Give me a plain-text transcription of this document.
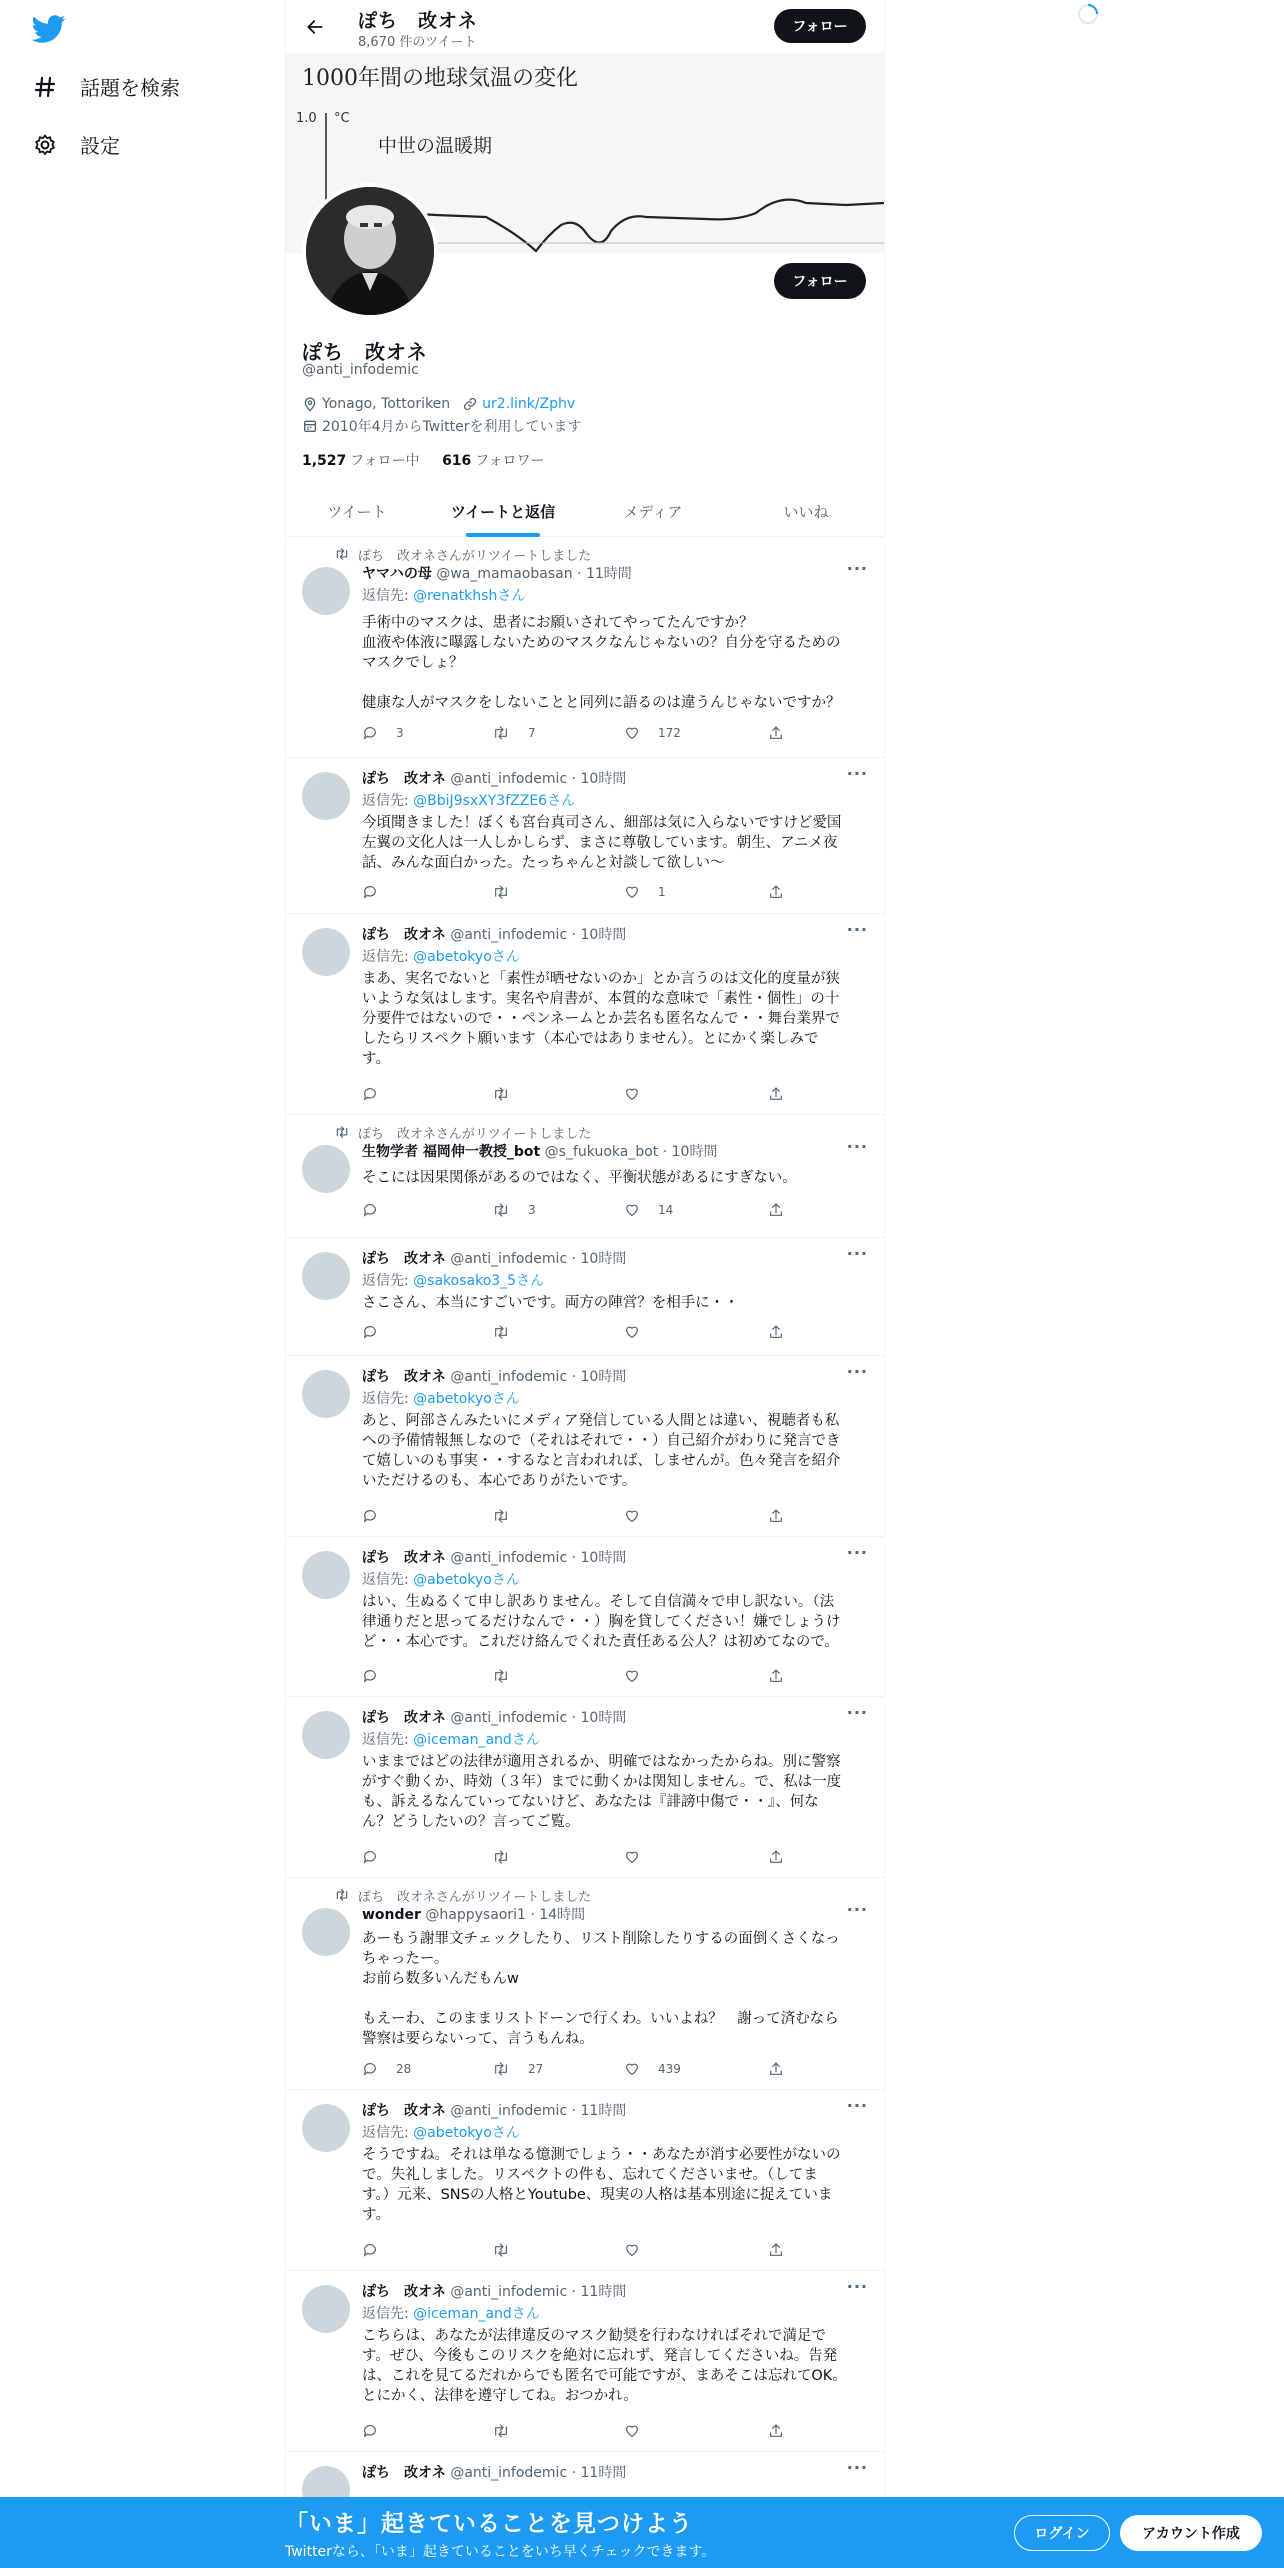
話題を検索
設定
ぽち　改オネ
8,670 件のツイート
フォロー
1000年間の地球気温の変化
1.0 °C
中世の温暖期
フォロー
ぽち　改オネ
@anti_infodemic
Yonago, Tottoriken ur2.link/Zphv
2010年4月からTwitterを利用しています
1,527 フォロー中 616 フォロワー
ツイート	ツイートと返信	メディア	いいね
ぽち　改オネさんがリツイートしました
ヤマハの母 @wa_mamaobasan · 11時間	···
返信先: @renatkhshさん
手術中のマスクは、患者にお願いされてやってたんですか？
血液や体液に曝露しないためのマスクなんじゃないの？自分を守るための
マスクでしょ？

健康な人がマスクをしないことと同列に語るのは違うんじゃないですか？
3	7	172
ぽち　改オネ @anti_infodemic · 10時間	···
返信先: @BbiJ9sxXY3fZZE6さん
今頃聞きました！ぼくも宮台真司さん、細部は気に入らないですけど愛国
左翼の文化人は一人しかしらず、まさに尊敬しています。朝生、アニメ夜
話、みんな面白かった。たっちゃんと対談して欲しい～
1
ぽち　改オネ @anti_infodemic · 10時間	···
返信先: @abetokyoさん
まあ、実名でないと「素性が晒せないのか」とか言うのは文化的度量が狭
いような気はします。実名や肩書が、本質的な意味で「素性・個性」の十
分要件ではないので・・ペンネームとか芸名も匿名なんで・・舞台業界で
したらリスペクト願います（本心ではありません）。とにかく楽しみで
す。
ぽち　改オネさんがリツイートしました
生物学者 福岡伸一教授_bot @s_fukuoka_bot · 10時間	···
そこには因果関係があるのではなく、平衡状態があるにすぎない。
3	14
ぽち　改オネ @anti_infodemic · 10時間	···
返信先: @sakosako3_5さん
さこさん、本当にすごいです。両方の陣営？を相手に・・
ぽち　改オネ @anti_infodemic · 10時間	···
返信先: @abetokyoさん
あと、阿部さんみたいにメディア発信している人間とは違い、視聴者も私
への予備情報無しなので（それはそれで・・）自己紹介がわりに発言でき
て嬉しいのも事実・・するなと言われれば、しませんが。色々発言を紹介
いただけるのも、本心でありがたいです。
ぽち　改オネ @anti_infodemic · 10時間	···
返信先: @abetokyoさん
はい、生ぬるくて申し訳ありません。そして自信満々で申し訳ない。（法
律通りだと思ってるだけなんで・・）胸を貸してください！嫌でしょうけ
ど・・本心です。これだけ絡んでくれた責任ある公人？は初めてなので。
ぽち　改オネ @anti_infodemic · 10時間	···
返信先: @iceman_andさん
いままではどの法律が適用されるか、明確ではなかったからね。別に警察
がすぐ動くか、時効（３年）までに動くかは関知しません。で、私は一度
も、訴えるなんていってないけど、あなたは『誹謗中傷で・・』、何な
ん？どうしたいの？言ってご覧。
ぽち　改オネさんがリツイートしました
wonder @happysaori1 · 14時間	···
あーもう謝罪文チェックしたり、リスト削除したりするの面倒くさくなっ
ちゃったー。
お前ら数多いんだもんw

もえーわ、このままリストドーンで行くわ。いいよね？　謝って済むなら
警察は要らないって、言うもんね。
28	27	439
ぽち　改オネ @anti_infodemic · 11時間	···
返信先: @abetokyoさん
そうですね。それは単なる憶測でしょう・・あなたが消す必要性がないの
で。失礼しました。リスペクトの件も、忘れてくださいませ。（してま
す。）元来、SNSの人格とYoutube、現実の人格は基本別途に捉えていま
す。
ぽち　改オネ @anti_infodemic · 11時間	···
返信先: @iceman_andさん
こちらは、あなたが法律違反のマスク勧奨を行わなければそれで満足で
す。ぜひ、今後もこのリスクを絶対に忘れず、発言してくださいね。告発
は、これを見てるだれからでも匿名で可能ですが、まあそこは忘れてOK。
とにかく、法律を遵守してね。おつかれ。
ぽち　改オネ @anti_infodemic · 11時間	···
「いま」起きていることを見つけよう
Twitterなら、「いま」起きていることをいち早くチェックできます。
ログイン	アカウント作成
